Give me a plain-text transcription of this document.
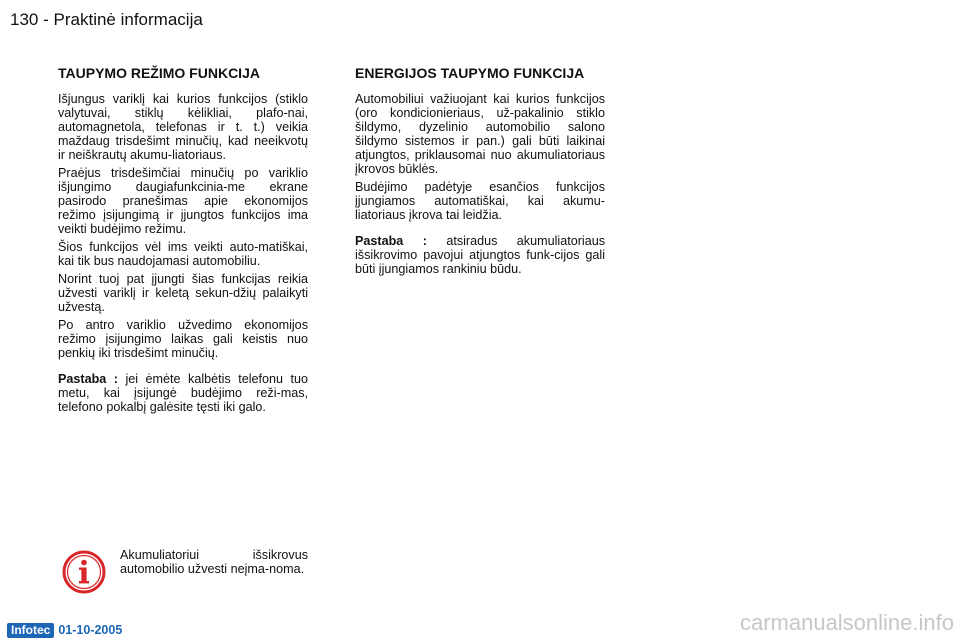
130 - Praktinė informacija
TAUPYMO REŽIMO FUNKCIJA

Išjungus variklį kai kurios funkcijos (stiklo valytuvai, stiklų kėlikliai, plafo-nai, automagnetola, telefonas ir t. t.) veikia maždaug trisdešimt minučių, kad neeikvotų ir neiškrautų akumu-liatoriaus.

Praėjus trisdešimčiai minučių po variklio išjungimo daugiafunkcinia-me ekrane pasirodo pranešimas apie ekonomijos režimo įsijungimą ir įjungtos funkcijos ima veikti budėjimo režimu.

Šios funkcijos vėl ims veikti auto-matiškai, kai tik bus naudojamasi automobiliu.

Norint tuoj pat įjungti šias funkcijas reikia užvesti variklį ir keletą sekun-džių palaikyti užvestą.

Po antro variklio užvedimo ekonomijos režimo įsijungimo laikas gali keistis nuo penkių iki trisdešimt minučių.

Pastaba : jei ėmėte kalbėtis telefonu tuo metu, kai įsijungė budėjimo reži-mas, telefono pokalbį galėsite tęsti iki galo.

ENERGIJOS TAUPYMO FUNKCIJA

Automobiliui važiuojant kai kurios funkcijos (oro kondicionieriaus, už-pakalinio stiklo šildymo, dyzelinio automobilio salono šildymo sistemos ir pan.) gali būti laikinai atjungtos, priklausomai nuo akumuliatoriaus įkrovos būklės.

Budėjimo padėtyje esančios funkcijos įjungiamos automatiškai, kai akumu-liatoriaus įkrova tai leidžia.

Pastaba : atsiradus akumuliatoriaus išsikrovimo pavojui atjungtos funk-cijos gali būti įjungiamos rankiniu būdu.

Akumuliatoriui išsikrovus automobilio užvesti neįma-noma.
Infotec 01-10-2005	carmanualsonline.info
